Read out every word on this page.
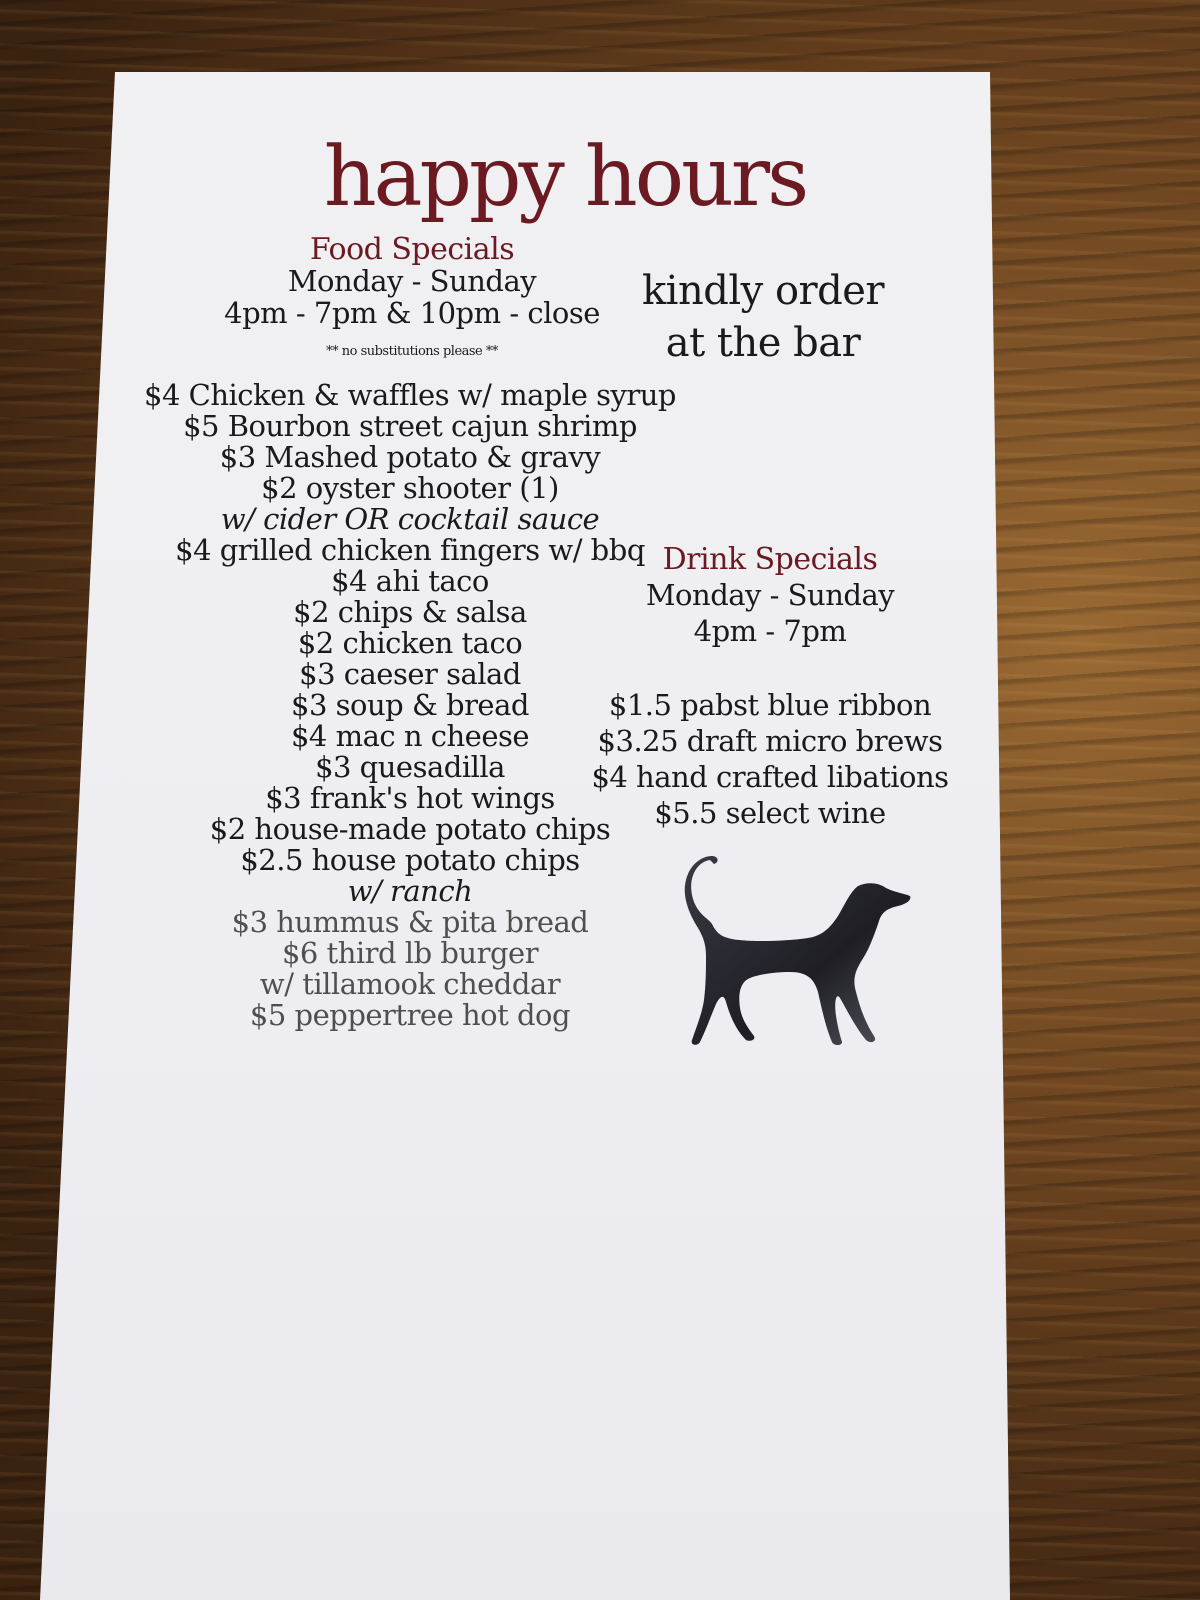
happy hours
Food Specials
Monday - Sunday
4pm - 7pm & 10pm - close
** no substitutions please **
kindly order
at the bar
$4 Chicken & waffles w/ maple syrup
$5 Bourbon street cajun shrimp
$3 Mashed potato & gravy
$2 oyster shooter (1)
w/ cider OR cocktail sauce
$4 grilled chicken fingers w/ bbq
$4 ahi taco
$2 chips & salsa
$2 chicken taco
$3 caeser salad
$3 soup & bread
$4 mac n cheese
$3 quesadilla
$3 frank's hot wings
$2 house-made potato chips
$2.5 house potato chips
w/ ranch
$3 hummus & pita bread
$6 third lb burger
w/ tillamook cheddar
$5 peppertree hot dog
Drink Specials
Monday - Sunday
4pm - 7pm
$1.5 pabst blue ribbon
$3.25 draft micro brews
$4 hand crafted libations
$5.5 select wine
